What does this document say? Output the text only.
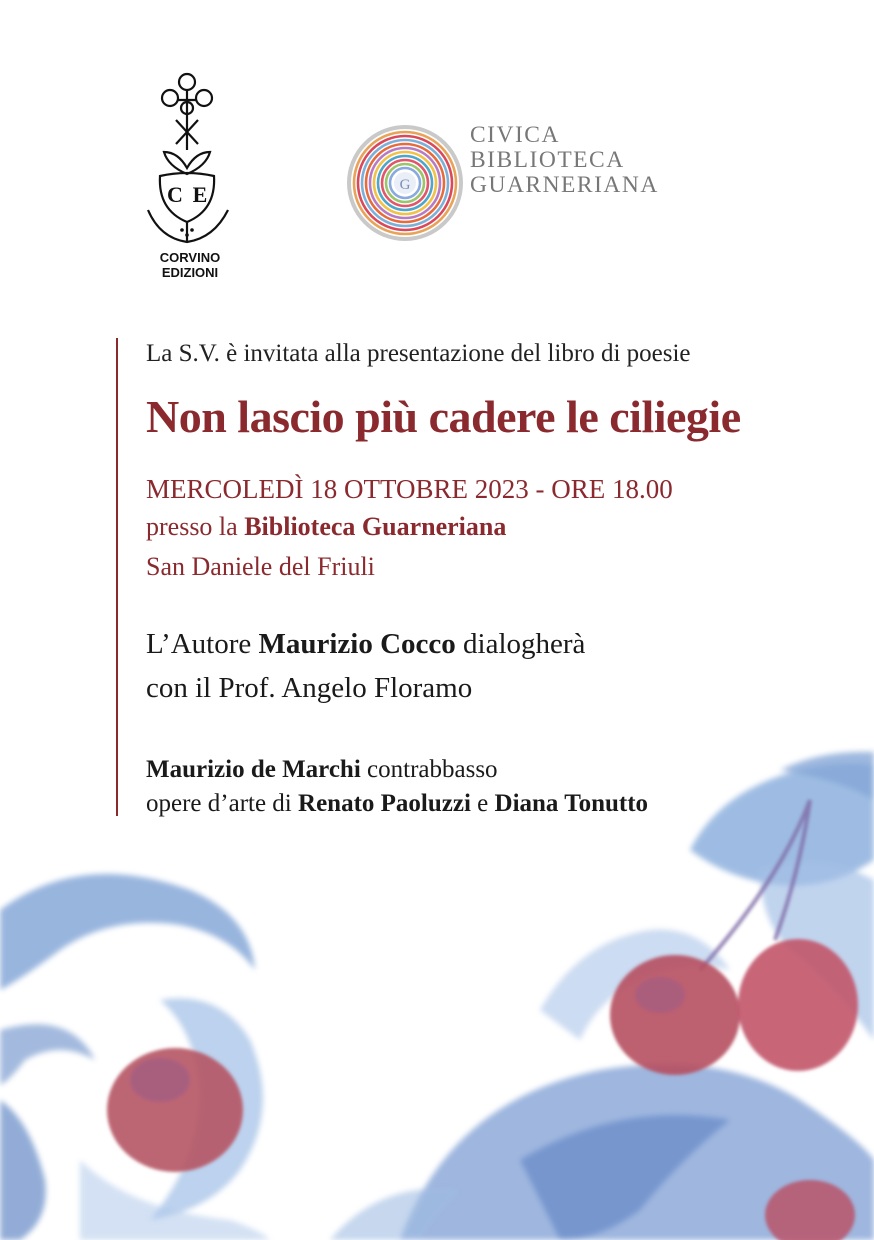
C E
CORVINO
EDIZIONI
G
CIVICA
BIBLIOTECA
GUARNERIANA
La S.V. è invitata alla presentazione del libro di poesie
Non lascio più cadere le ciliegie
MERCOLEDÌ 18 OTTOBRE 2023 - ORE 18.00
presso la Biblioteca Guarneriana
San Daniele del Friuli
L’Autore Maurizio Cocco dialogherà
con il Prof. Angelo Floramo
Maurizio de Marchi contrabbasso
opere d’arte di Renato Paoluzzi e Diana Tonutto
